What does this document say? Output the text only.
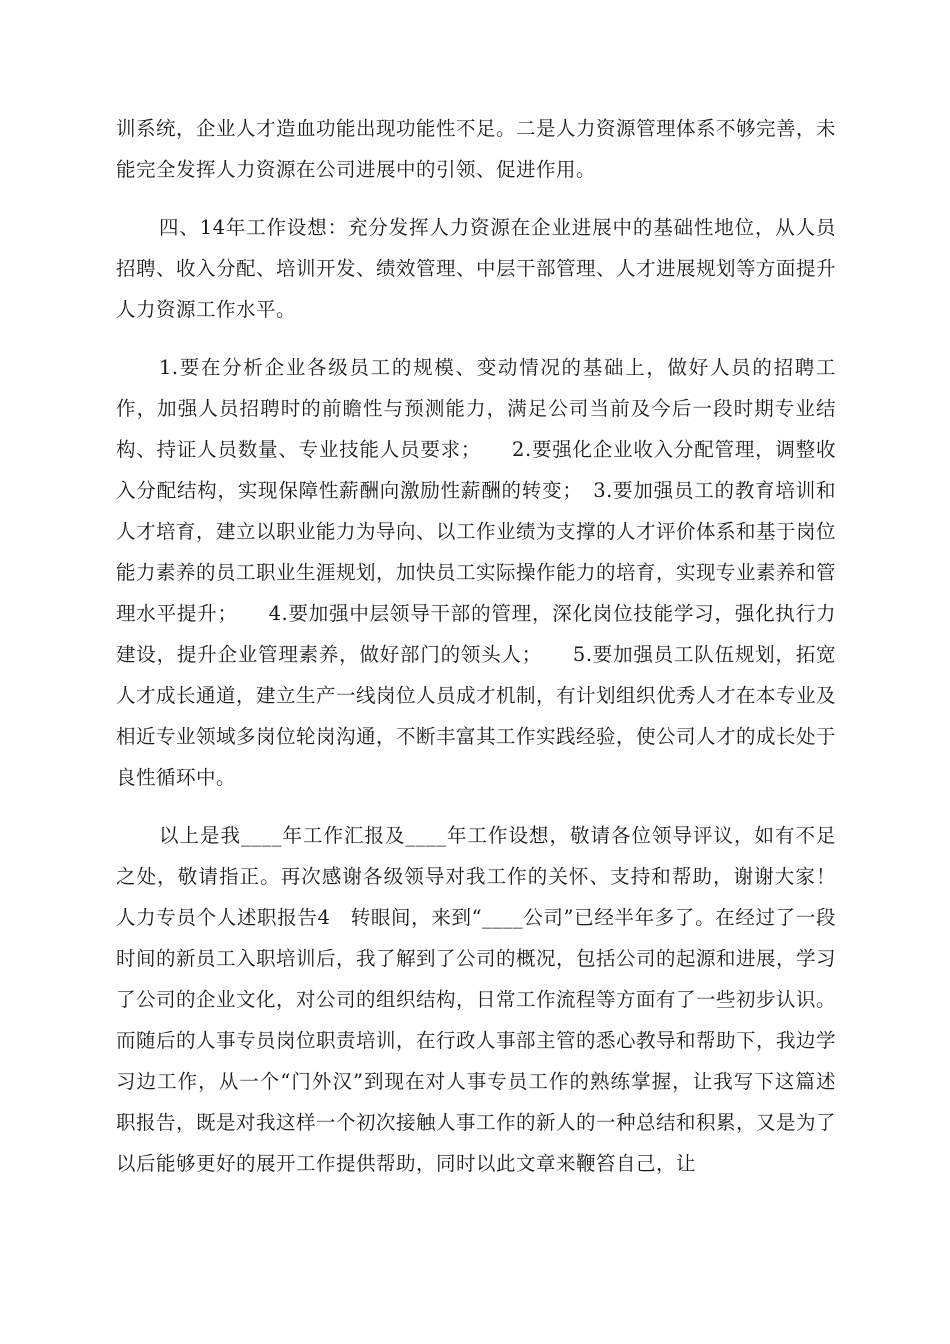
训系统，企业人才造血功能出现功能性不足。二是人力资源管理体系不够完善，未能完全发挥人力资源在公司进展中的引领、促进作用。

四、14年工作设想：充分发挥人力资源在企业进展中的基础性地位，从人员招聘、收入分配、培训开发、绩效管理、中层干部管理、人才进展规划等方面提升人力资源工作水平。

1.要在分析企业各级员工的规模、变动情况的基础上，做好人员的招聘工作，加强人员招聘时的前瞻性与预测能力，满足公司当前及今后一段时期专业结构、持证人员数量、专业技能人员要求；　　2.要强化企业收入分配管理，调整收入分配结构，实现保障性薪酬向激励性薪酬的转变；　3.要加强员工的教育培训和人才培育，建立以职业能力为导向、以工作业绩为支撑的人才评价体系和基于岗位能力素养的员工职业生涯规划，加快员工实际操作能力的培育，实现专业素养和管理水平提升；　　4.要加强中层领导干部的管理，深化岗位技能学习，强化执行力建设，提升企业管理素养，做好部门的领头人；　　5.要加强员工队伍规划，拓宽人才成长通道，建立生产一线岗位人员成才机制，有计划组织优秀人才在本专业及相近专业领域多岗位轮岗沟通，不断丰富其工作实践经验，使公司人才的成长处于良性循环中。

以上是我____年工作汇报及____年工作设想，敬请各位领导评议，如有不足之处，敬请指正。再次感谢各级领导对我工作的关怀、支持和帮助，谢谢大家！　人力专员个人述职报告4　转眼间，来到“____公司”已经半年多了。在经过了一段时间的新员工入职培训后，我了解到了公司的概况，包括公司的起源和进展，学习了公司的企业文化，对公司的组织结构，日常工作流程等方面有了一些初步认识。而随后的人事专员岗位职责培训，在行政人事部主管的悉心教导和帮助下，我边学习边工作，从一个“门外汉”到现在对人事专员工作的熟练掌握，让我写下这篇述职报告，既是对我这样一个初次接触人事工作的新人的一种总结和积累，又是为了以后能够更好的展开工作提供帮助，同时以此文章来鞭笞自己，让
